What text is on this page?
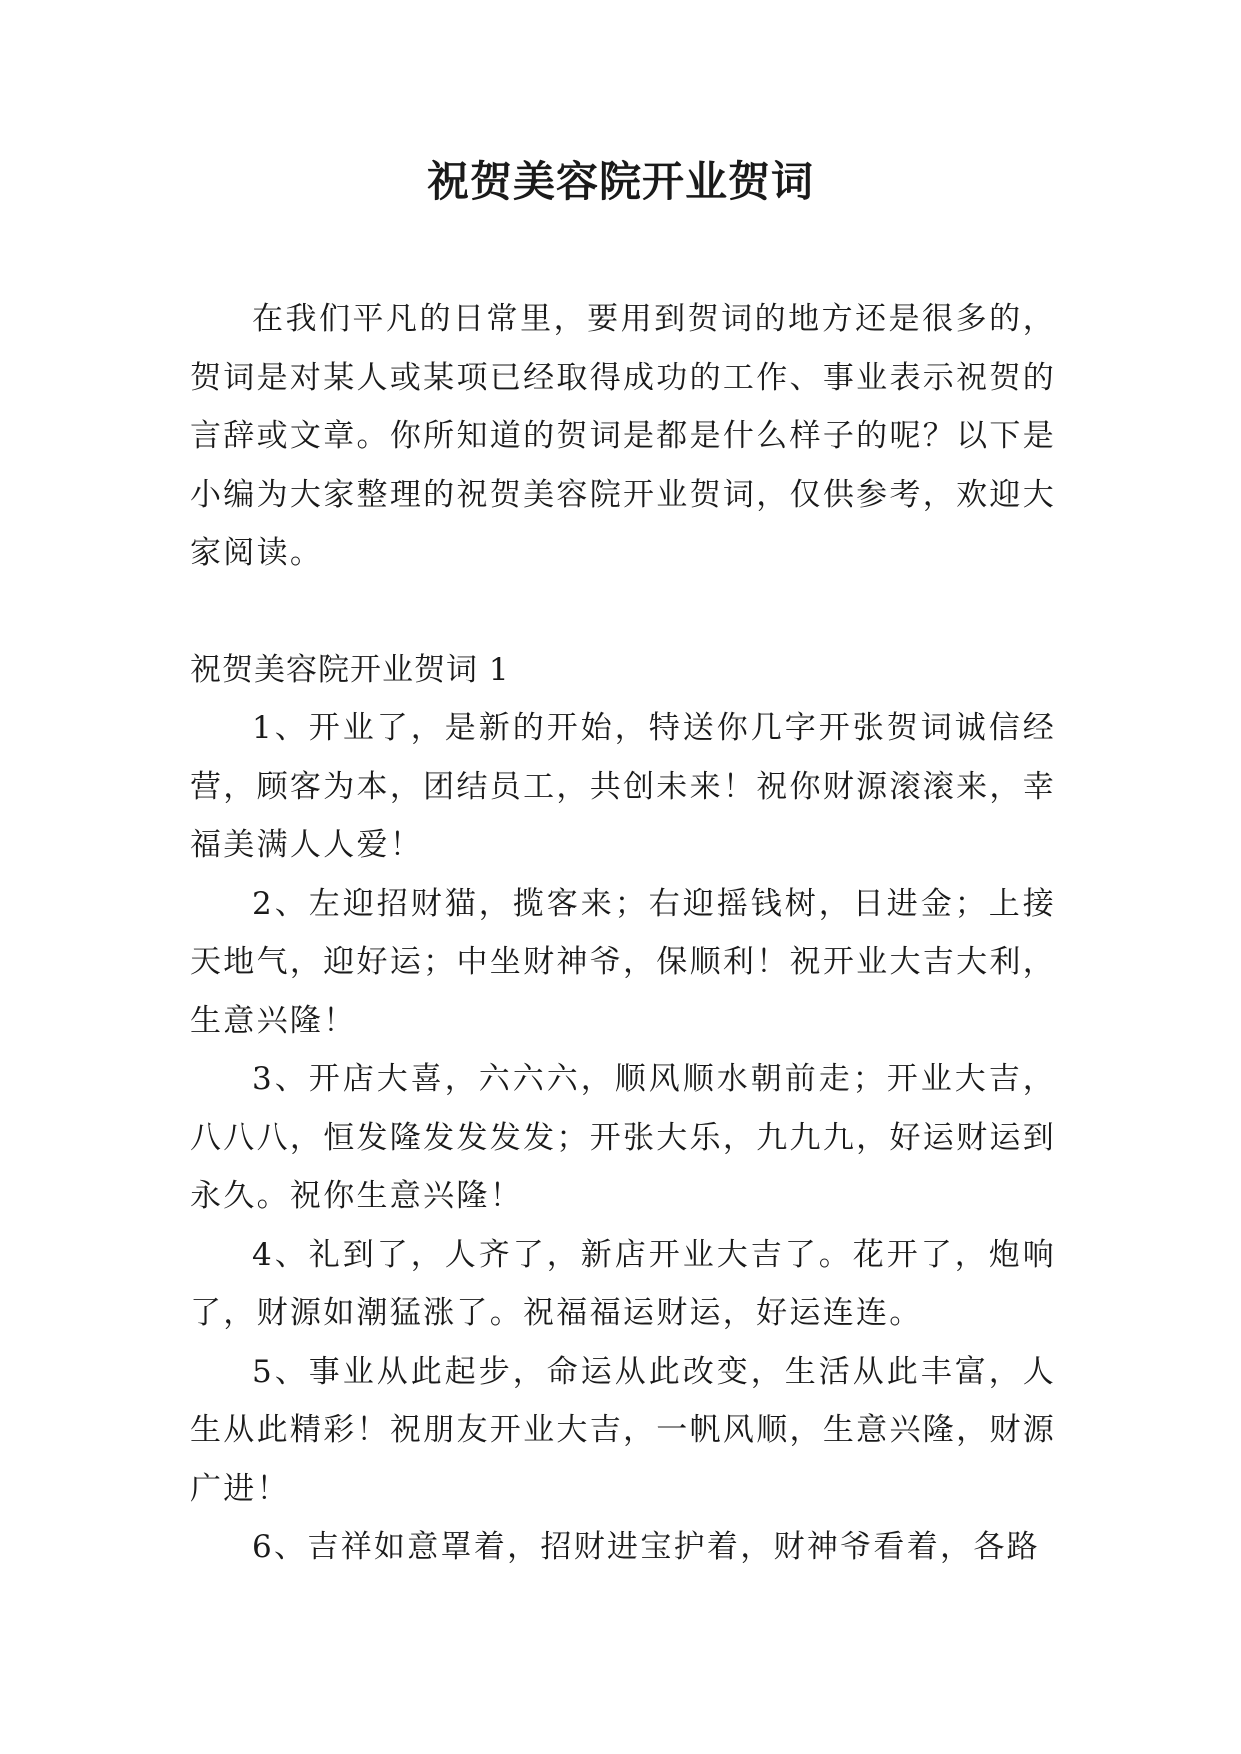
祝贺美容院开业贺词

在我们平凡的日常里，要用到贺词的地方还是很多的，贺词是对某人或某项已经取得成功的工作、事业表示祝贺的言辞或文章。你所知道的贺词是都是什么样子的呢？以下是小编为大家整理的祝贺美容院开业贺词，仅供参考，欢迎大家阅读。

祝贺美容院开业贺词 1

1、开业了，是新的开始，特送你几字开张贺词诚信经营，顾客为本，团结员工，共创未来！祝你财源滚滚来，幸福美满人人爱！

2、左迎招财猫，揽客来；右迎摇钱树，日进金；上接天地气，迎好运；中坐财神爷，保顺利！祝开业大吉大利，生意兴隆！

3、开店大喜，六六六，顺风顺水朝前走；开业大吉，八八八，恒发隆发发发发；开张大乐，九九九，好运财运到永久。祝你生意兴隆！

4、礼到了，人齐了，新店开业大吉了。花开了，炮响了，财源如潮猛涨了。祝福福运财运，好运连连。

5、事业从此起步，命运从此改变，生活从此丰富，人生从此精彩！祝朋友开业大吉，一帆风顺，生意兴隆，财源广进！

6、吉祥如意罩着，招财进宝护着，财神爷看着，各路
